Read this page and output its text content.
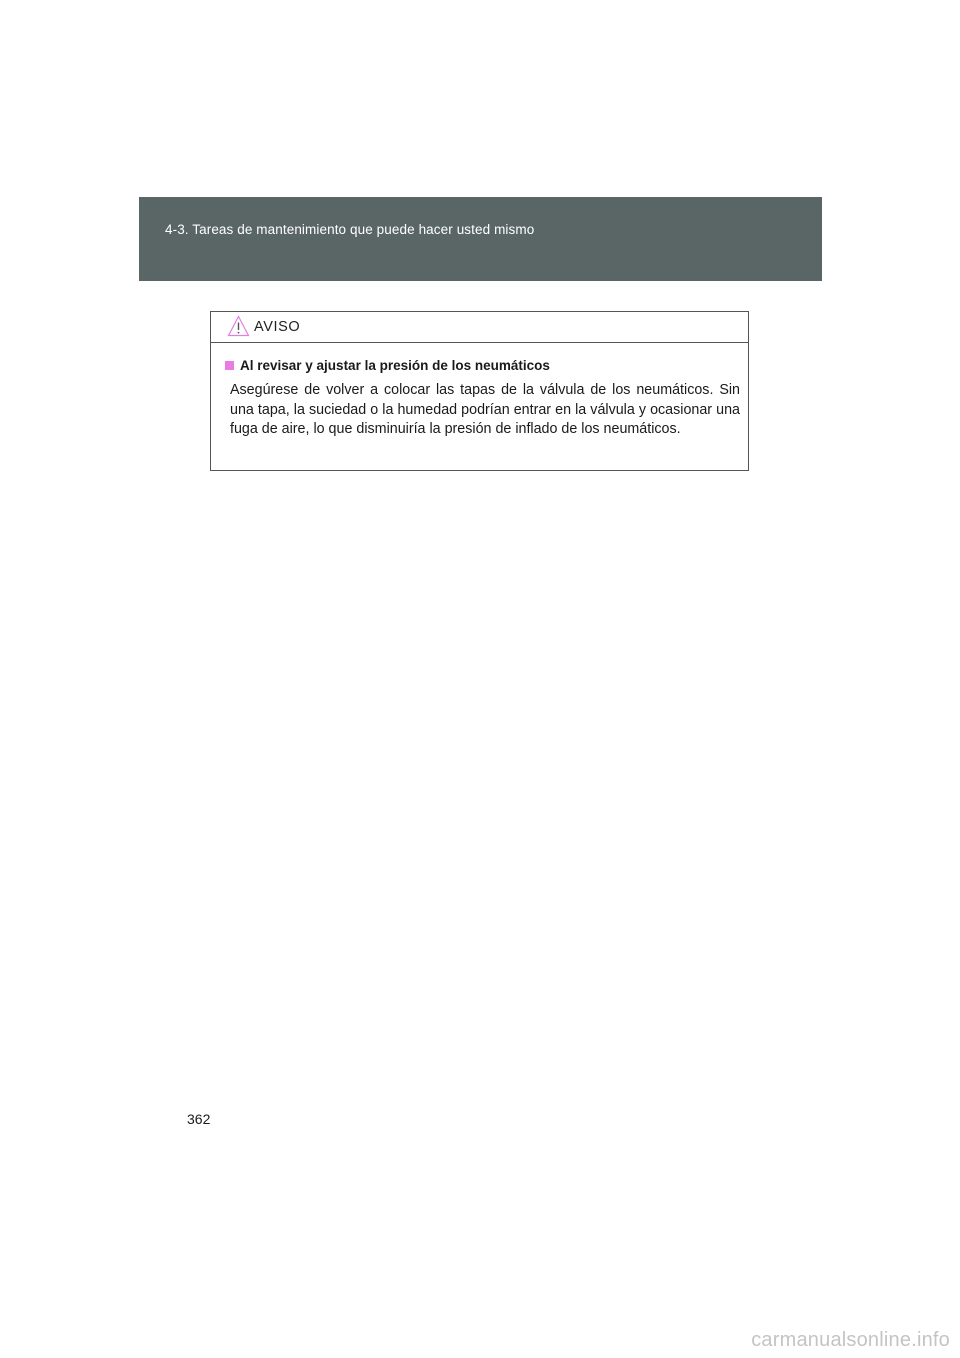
4-3. Tareas de mantenimiento que puede hacer usted mismo
AVISO
Al revisar y ajustar la presión de los neumáticos

Asegúrese de volver a colocar las tapas de la válvula de los neumáticos. Sin una tapa, la suciedad o la humedad podrían entrar en la válvula y ocasionar una fuga de aire, lo que disminuiría la presión de inflado de los neumáticos.

362
carmanualsonline.info
